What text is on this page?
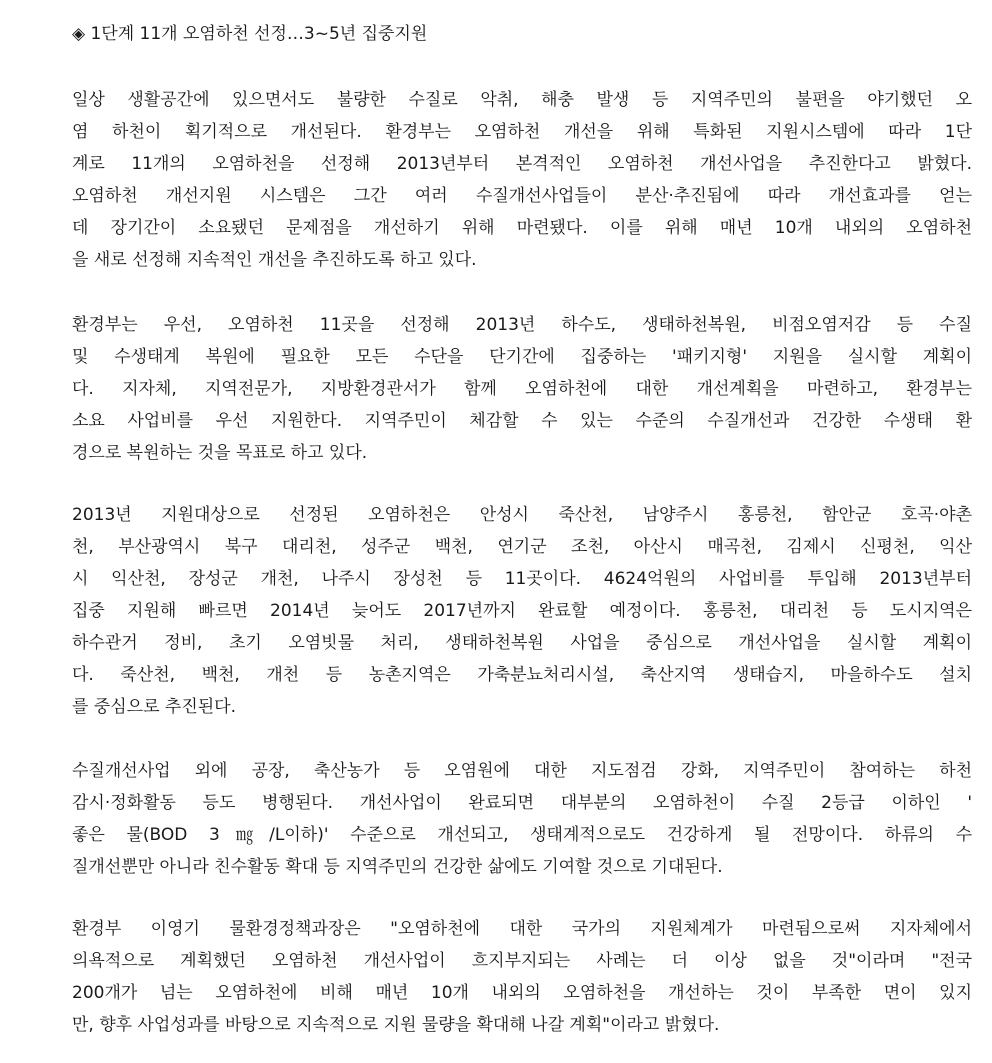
◈ 1단계 11개 오염하천 선정…3~5년 집중지원
일상 생활공간에 있으면서도 불량한 수질로 악취, 해충 발생 등 지역주민의 불편을 야기했던 오
염 하천이 획기적으로 개선된다. 환경부는 오염하천 개선을 위해 특화된 지원시스템에 따라 1단
계로 11개의 오염하천을 선정해 2013년부터 본격적인 오염하천 개선사업을 추진한다고 밝혔다.
오염하천 개선지원 시스템은 그간 여러 수질개선사업들이 분산·추진됨에 따라 개선효과를 얻는
데 장기간이 소요됐던 문제점을 개선하기 위해 마련됐다. 이를 위해 매년 10개 내외의 오염하천
을 새로 선정해 지속적인 개선을 추진하도록 하고 있다.
환경부는 우선, 오염하천 11곳을 선정해 2013년 하수도, 생태하천복원, 비점오염저감 등 수질
및 수생태계 복원에 필요한 모든 수단을 단기간에 집중하는 '패키지형' 지원을 실시할 계획이
다. 지자체, 지역전문가, 지방환경관서가 함께 오염하천에 대한 개선계획을 마련하고, 환경부는
소요 사업비를 우선 지원한다. 지역주민이 체감할 수 있는 수준의 수질개선과 건강한 수생태 환
경으로 복원하는 것을 목표로 하고 있다.
2013년 지원대상으로 선정된 오염하천은 안성시 죽산천, 남양주시 홍릉천, 함안군 호곡·야촌
천, 부산광역시 북구 대리천, 성주군 백천, 연기군 조천, 아산시 매곡천, 김제시 신평천, 익산
시 익산천, 장성군 개천, 나주시 장성천 등 11곳이다. 4624억원의 사업비를 투입해 2013년부터
집중 지원해 빠르면 2014년 늦어도 2017년까지 완료할 예정이다. 홍릉천, 대리천 등 도시지역은
하수관거 정비, 초기 오염빗물 처리, 생태하천복원 사업을 중심으로 개선사업을 실시할 계획이
다. 죽산천, 백천, 개천 등 농촌지역은 가축분뇨처리시설, 축산지역 생태습지, 마을하수도 설치
를 중심으로 추진된다.
수질개선사업 외에 공장, 축산농가 등 오염원에 대한 지도점검 강화, 지역주민이 참여하는 하천
감시·정화활동 등도 병행된다. 개선사업이 완료되면 대부분의 오염하천이 수질 2등급 이하인 '
좋은 물(BOD 3㎎/L이하)' 수준으로 개선되고, 생태계적으로도 건강하게 될 전망이다. 하류의 수
질개선뿐만 아니라 친수활동 확대 등 지역주민의 건강한 삶에도 기여할 것으로 기대된다.
환경부 이영기 물환경정책과장은 "오염하천에 대한 국가의 지원체계가 마련됨으로써 지자체에서
의욕적으로 계획했던 오염하천 개선사업이 흐지부지되는 사례는 더 이상 없을 것"이라며 "전국
200개가 넘는 오염하천에 비해 매년 10개 내외의 오염하천을 개선하는 것이 부족한 면이 있지
만, 향후 사업성과를 바탕으로 지속적으로 지원 물량을 확대해 나갈 계획"이라고 밝혔다.
